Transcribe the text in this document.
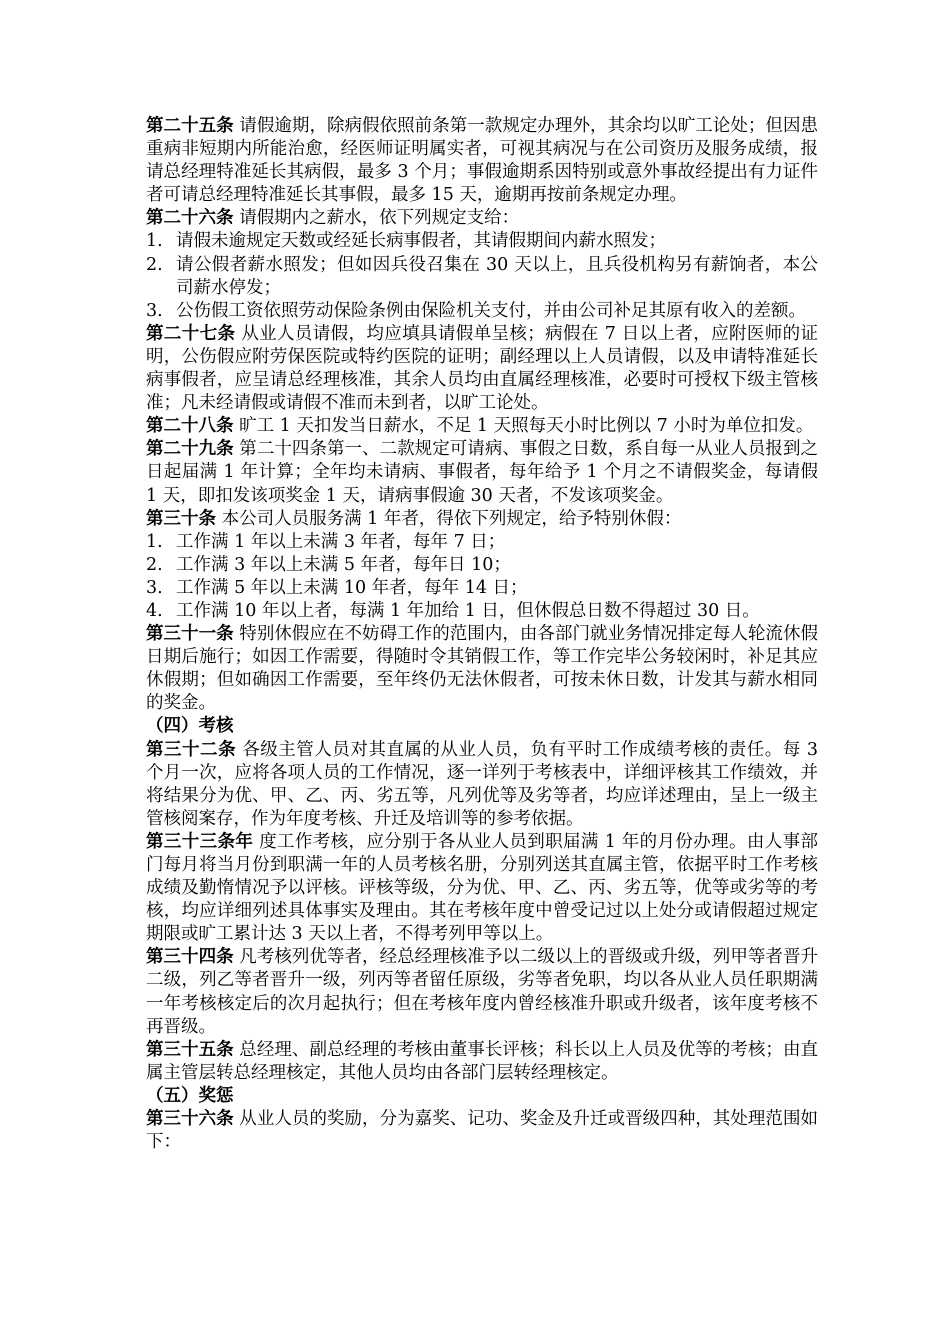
第二十五条 请假逾期，除病假依照前条第一款规定办理外，其余均以旷工论处；但因患重病非短期内所能治愈，经医师证明属实者，可视其病况与在公司资历及服务成绩，报请总经理特准延长其病假，最多 3 个月；事假逾期系因特别或意外事故经提出有力证件者可请总经理特准延长其事假，最多 15 天，逾期再按前条规定办理。

第二十六条 请假期内之薪水，依下列规定支给：

1. 请假未逾规定天数或经延长病事假者，其请假期间内薪水照发；
2. 请公假者薪水照发；但如因兵役召集在 30 天以上，且兵役机构另有薪饷者，本公司薪水停发；
3. 公伤假工资依照劳动保险条例由保险机关支付，并由公司补足其原有收入的差额。

第二十七条 从业人员请假，均应填具请假单呈核；病假在 7 日以上者，应附医师的证明，公伤假应附劳保医院或特约医院的证明；副经理以上人员请假，以及申请特准延长病事假者，应呈请总经理核准，其余人员均由直属经理核准，必要时可授权下级主管核准；凡未经请假或请假不准而未到者，以旷工论处。

第二十八条 旷工 1 天扣发当日薪水，不足 1 天照每天小时比例以 7 小时为单位扣发。

第二十九条 第二十四条第一、二款规定可请病、事假之日数，系自每一从业人员报到之日起届满 1 年计算；全年均未请病、事假者，每年给予 1 个月之不请假奖金，每请假 1 天，即扣发该项奖金 1 天，请病事假逾 30 天者，不发该项奖金。

第三十条 本公司人员服务满 1 年者，得依下列规定，给予特别休假：

1. 工作满 1 年以上未满 3 年者，每年 7 日；
2. 工作满 3 年以上未满 5 年者，每年日 10；
3. 工作满 5 年以上未满 10 年者，每年 14 日；
4. 工作满 10 年以上者，每满 1 年加给 1 日，但休假总日数不得超过 30 日。

第三十一条 特别休假应在不妨碍工作的范围内，由各部门就业务情况排定每人轮流休假日期后施行；如因工作需要，得随时令其销假工作，等工作完毕公务较闲时，补足其应休假期；但如确因工作需要，至年终仍无法休假者，可按未休日数，计发其与薪水相同的奖金。

（四）考核

第三十二条 各级主管人员对其直属的从业人员，负有平时工作成绩考核的责任。每 3 个月一次，应将各项人员的工作情况，逐一详列于考核表中，详细评核其工作绩效，并将结果分为优、甲、乙、丙、劣五等，凡列优等及劣等者，均应详述理由，呈上一级主管核阅案存，作为年度考核、升迁及培训等的参考依据。

第三十三条年 度工作考核，应分别于各从业人员到职届满 1 年的月份办理。由人事部门每月将当月份到职满一年的人员考核名册，分别列送其直属主管，依据平时工作考核成绩及勤惰情况予以评核。评核等级，分为优、甲、乙、丙、劣五等，优等或劣等的考核，均应详细列述具体事实及理由。其在考核年度中曾受记过以上处分或请假超过规定期限或旷工累计达 3 天以上者，不得考列甲等以上。

第三十四条 凡考核列优等者，经总经理核准予以二级以上的晋级或升级，列甲等者晋升二级，列乙等者晋升一级，列丙等者留任原级，劣等者免职，均以各从业人员任职期满一年考核核定后的次月起执行；但在考核年度内曾经核准升职或升级者，该年度考核不再晋级。

第三十五条 总经理、副总经理的考核由董事长评核；科长以上人员及优等的考核；由直属主管层转总经理核定，其他人员均由各部门层转经理核定。

（五）奖惩

第三十六条 从业人员的奖励，分为嘉奖、记功、奖金及升迁或晋级四种，其处理范围如下：
